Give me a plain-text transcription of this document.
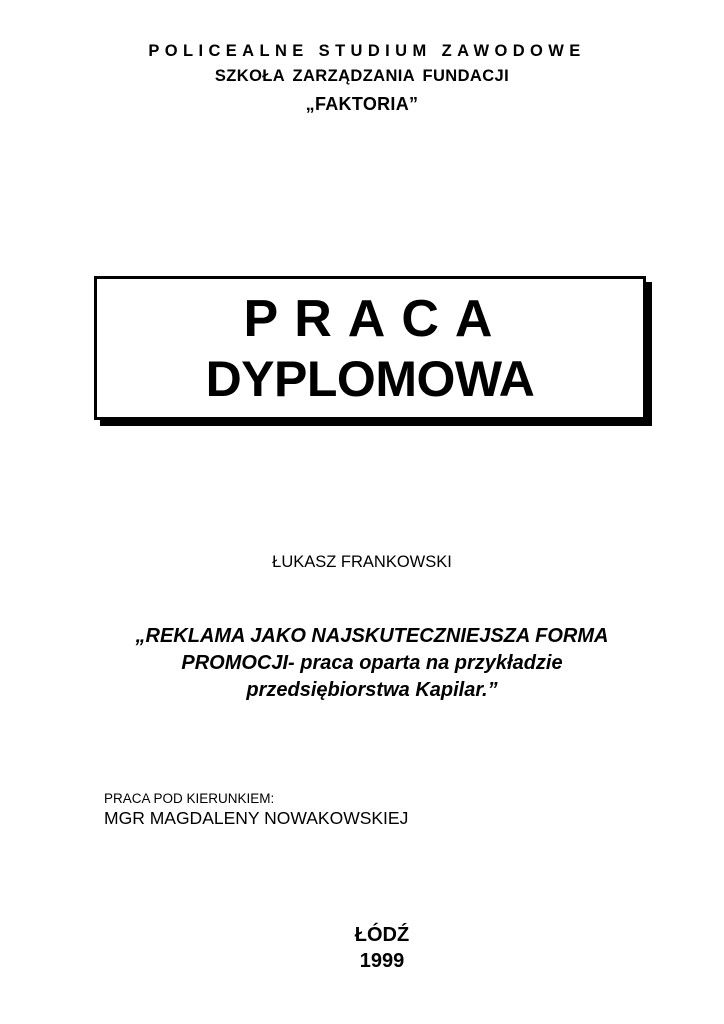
POLICEALNE STUDIUM ZAWODOWE
SZKOŁA ZARZĄDZANIA FUNDACJI
„FAKTORIA”
PRACA
DYPLOMOWA
ŁUKASZ FRANKOWSKI
„REKLAMA JAKO NAJSKUTECZNIEJSZA FORMA
PROMOCJI- praca oparta na przykładzie
przedsiębiorstwa Kapilar.”
PRACA POD KIERUNKIEM:
MGR MAGDALENY NOWAKOWSKIEJ
ŁÓDŹ
1999
